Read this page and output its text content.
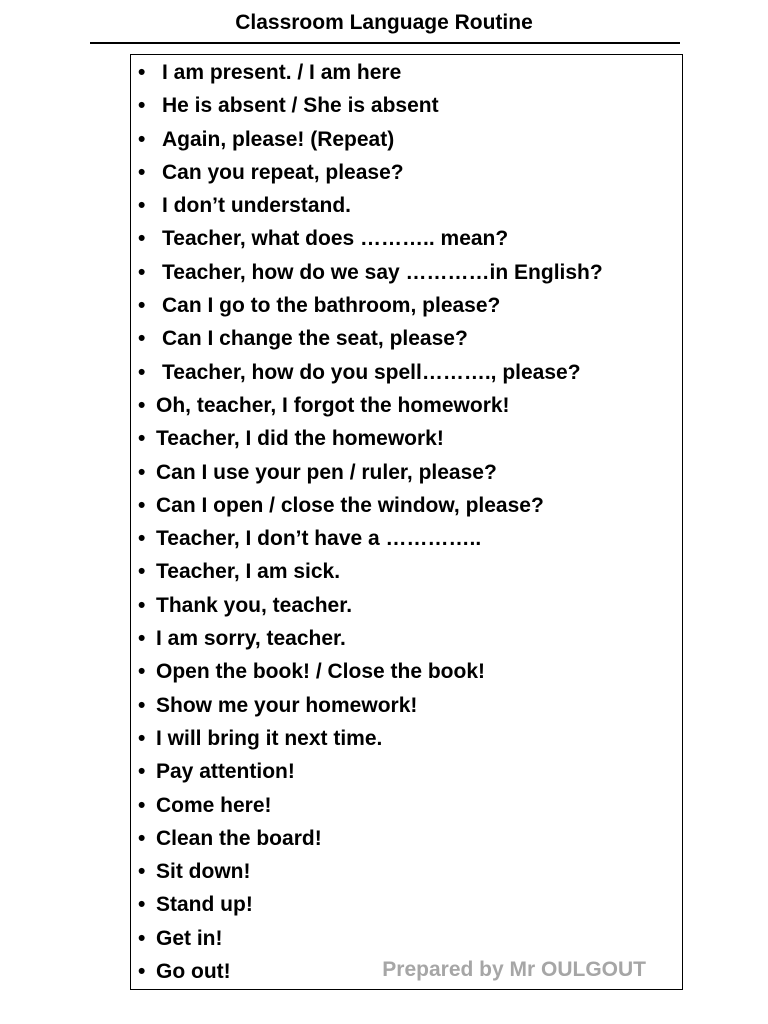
Classroom Language Routine
• I am present. / I am here
• He is absent / She is absent
• Again, please! (Repeat)
• Can you repeat, please?
• I don’t understand.
• Teacher, what does ……….. mean?
• Teacher, how do we say …………in English?
• Can I go to the bathroom, please?
• Can I change the seat, please?
• Teacher, how do you spell………., please?
• Oh, teacher, I forgot the homework!
• Teacher, I did the homework!
• Can I use your pen / ruler, please?
• Can I open / close the window, please?
• Teacher, I don’t have a …………..
• Teacher, I am sick.
• Thank you, teacher.
• I am sorry, teacher.
• Open the book! / Close the book!
• Show me your homework!
• I will bring it next time.
• Pay attention!
• Come here!
• Clean the board!
• Sit down!
• Stand up!
• Get in!
• Go out!	Prepared by Mr OULGOUT
